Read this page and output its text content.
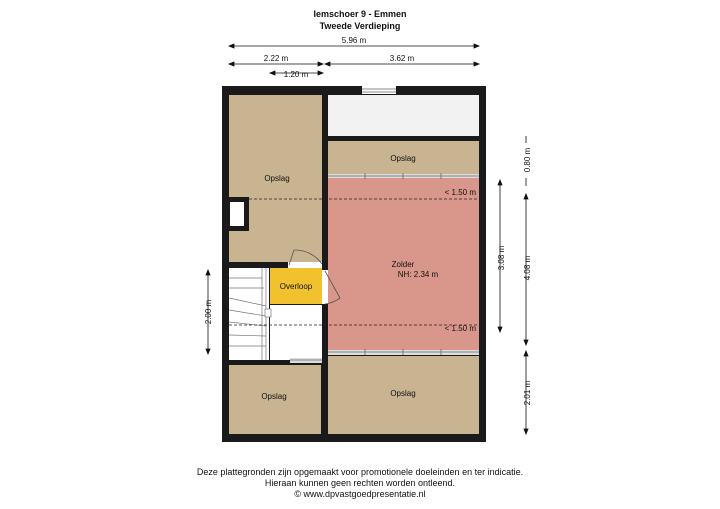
Iemschoer 9 - Emmen
Tweede Verdieping
5.96 m
2.22 m	3.62 m
1.20 m
2.00 m
3.08 m
0.80 m
4.08 m
2.01 m
Opslag
Opslag
Zolder
NH: 2.34 m
Overloop
Opslag	Opslag
< 1.50 m
< 1.50 m
Deze plattegronden zijn opgemaakt voor promotionele doeleinden en ter indicatie.
Hieraan kunnen geen rechten worden ontleend.
© www.dpvastgoedpresentatie.nl
